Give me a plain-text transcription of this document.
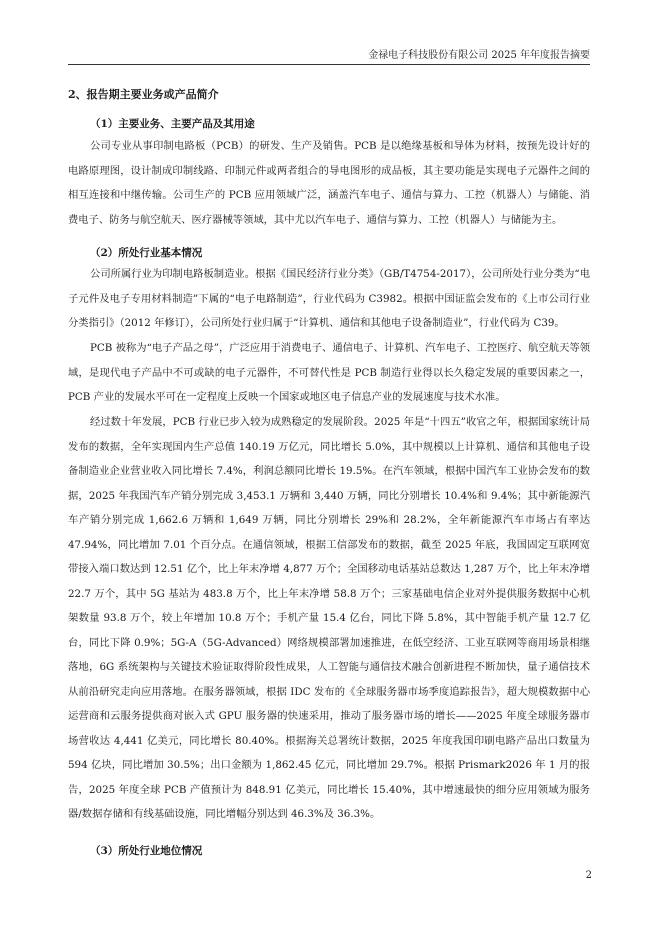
金禄电子科技股份有限公司 2025 年年度报告摘要
2、报告期主要业务或产品简介
（1）主要业务、主要产品及其用途

公司专业从事印制电路板（PCB）的研发、生产及销售。PCB 是以绝缘基板和导体为材料，按预先设计好的电路原理图，设计制成印制线路、印制元件或两者组合的导电图形的成品板，其主要功能是实现电子元器件之间的相互连接和中继传输。公司生产的 PCB 应用领域广泛，涵盖汽车电子、通信与算力、工控（机器人）与储能、消费电子、防务与航空航天、医疗器械等领域，其中尤以汽车电子、通信与算力、工控（机器人）与储能为主。

（2）所处行业基本情况

公司所属行业为印制电路板制造业。根据《国民经济行业分类》（GB/T4754-2017），公司所处行业分类为“电子元件及电子专用材料制造”下属的“电子电路制造”，行业代码为 C3982。根据中国证监会发布的《上市公司行业分类指引》（2012 年修订），公司所处行业归属于“计算机、通信和其他电子设备制造业”，行业代码为 C39。

PCB 被称为“电子产品之母”，广泛应用于消费电子、通信电子、计算机、汽车电子、工控医疗、航空航天等领域，是现代电子产品中不可或缺的电子元器件，不可替代性是 PCB 制造行业得以长久稳定发展的重要因素之一，PCB 产业的发展水平可在一定程度上反映一个国家或地区电子信息产业的发展速度与技术水准。

经过数十年发展，PCB 行业已步入较为成熟稳定的发展阶段。2025 年是“十四五”收官之年，根据国家统计局发布的数据，全年实现国内生产总值 140.19 万亿元，同比增长 5.0%，其中规模以上计算机、通信和其他电子设备制造业企业营业收入同比增长 7.4%，利润总额同比增长 19.5%。在汽车领域，根据中国汽车工业协会发布的数据，2025 年我国汽车产销分别完成 3,453.1 万辆和 3,440 万辆，同比分别增长 10.4%和 9.4%；其中新能源汽车产销分别完成 1,662.6 万辆和 1,649 万辆，同比分别增长 29%和 28.2%，全年新能源汽车市场占有率达 47.94%，同比增加 7.01 个百分点。在通信领域，根据工信部发布的数据，截至 2025 年底，我国固定互联网宽带接入端口数达到 12.51 亿个，比上年末净增 4,877 万个；全国移动电话基站总数达 1,287 万个，比上年末净增 22.7 万个，其中 5G 基站为 483.8 万个，比上年末净增 58.8 万个；三家基础电信企业对外提供服务数据中心机架数量 93.8 万个，较上年增加 10.8 万个；手机产量 15.4 亿台，同比下降 5.8%，其中智能手机产量 12.7 亿台，同比下降 0.9%；5G-A（5G-Advanced）网络规模部署加速推进，在低空经济、工业互联网等商用场景相继落地，6G 系统架构与关键技术验证取得阶段性成果，人工智能与通信技术融合创新进程不断加快，量子通信技术从前沿研究走向应用落地。在服务器领域，根据 IDC 发布的《全球服务器市场季度追踪报告》，超大规模数据中心运营商和云服务提供商对嵌入式 GPU 服务器的快速采用，推动了服务器市场的增长——2025 年度全球服务器市场营收达 4,441 亿美元，同比增长 80.40%。根据海关总署统计数据，2025 年度我国印刷电路产品出口数量为 594 亿块，同比增加 30.5%；出口金额为 1,862.45 亿元，同比增加 29.7%。根据 Prismark2026 年 1 月的报告，2025 年度全球 PCB 产值预计为 848.91 亿美元，同比增长 15.40%，其中增速最快的细分应用领域为服务器/数据存储和有线基础设施，同比增幅分别达到 46.3%及 36.3%。

（3）所处行业地位情况
2
